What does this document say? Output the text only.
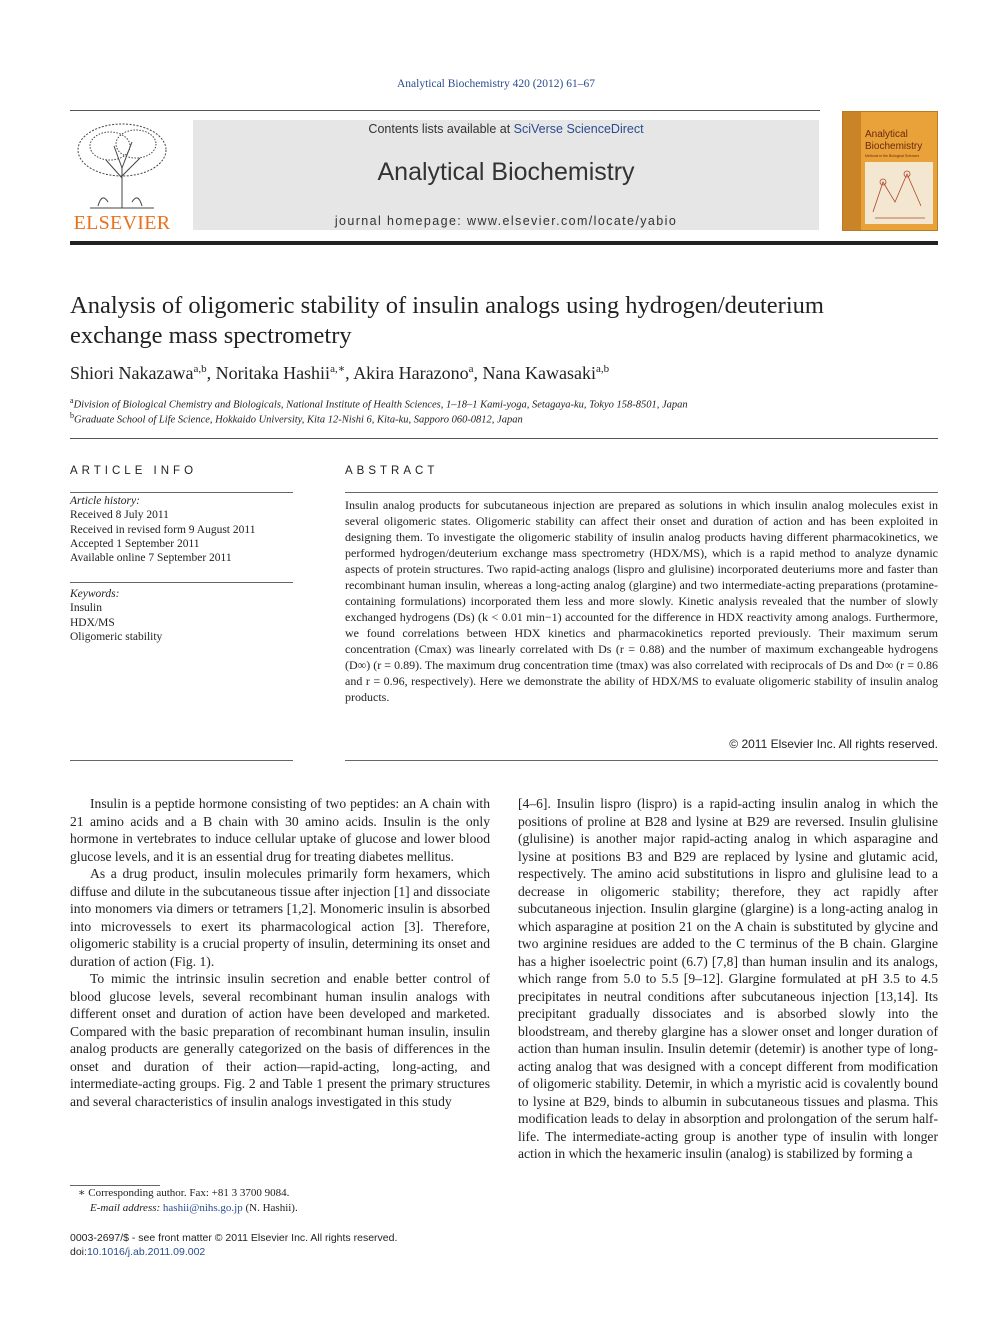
Analytical Biochemistry 420 (2012) 61–67
ELSEVIER
Contents lists available at SciVerse ScienceDirect
Analytical Biochemistry
journal homepage: www.elsevier.com/locate/yabio
Analytical
Biochemistry
Methods in the Biological Sciences
Analysis of oligomeric stability of insulin analogs using hydrogen/deuterium
exchange mass spectrometry
Shiori Nakazawa$^{a,b}$, Noritaka Hashii$^{a,∗}$, Akira Harazono$^a$, Nana Kawasaki$^{a,b}$
$^a$Division of Biological Chemistry and Biologicals, National Institute of Health Sciences, 1–18–1 Kami-yoga, Setagaya-ku, Tokyo 158-8501, Japan
$^b$Graduate School of Life Science, Hokkaido University, Kita 12-Nishi 6, Kita-ku, Sapporo 060-0812, Japan
ARTICLE INFO
Article history:
Received 8 July 2011
Received in revised form 9 August 2011
Accepted 1 September 2011
Available online 7 September 2011
Keywords:
Insulin
HDX/MS
Oligomeric stability
ABSTRACT
Insulin analog products for subcutaneous injection are prepared as solutions in which insulin analog molecules exist in several oligomeric states. Oligomeric stability can affect their onset and duration of action and has been exploited in designing them. To investigate the oligomeric stability of insulin analog products having different pharmacokinetics, we performed hydrogen/deuterium exchange mass spectrometry (HDX/MS), which is a rapid method to analyze dynamic aspects of protein structures. Two rapid-acting analogs (lispro and glulisine) incorporated deuteriums more and faster than recombinant human insulin, whereas a long-acting analog (glargine) and two intermediate-acting preparations (protamine-containing formulations) incorporated them less and more slowly. Kinetic analysis revealed that the number of slowly exchanged hydrogens (Ds) (k < 0.01 min−1) accounted for the difference in HDX reactivity among analogs. Furthermore, we found correlations between HDX kinetics and pharmacokinetics reported previously. Their maximum serum concentration (Cmax) was linearly correlated with Ds (r = 0.88) and the number of maximum exchangeable hydrogens (D∞) (r = 0.89). The maximum drug concentration time (tmax) was also correlated with reciprocals of Ds and D∞ (r = 0.86 and r = 0.96, respectively). Here we demonstrate the ability of HDX/MS to evaluate oligomeric stability of insulin analog products.
© 2011 Elsevier Inc. All rights reserved.

Insulin is a peptide hormone consisting of two peptides: an A chain with 21 amino acids and a B chain with 30 amino acids. Insulin is the only hormone in vertebrates to induce cellular uptake of glucose and lower blood glucose levels, and it is an essential drug for treating diabetes mellitus.

As a drug product, insulin molecules primarily form hexamers, which diffuse and dilute in the subcutaneous tissue after injection [1] and dissociate into monomers via dimers or tetramers [1,2]. Monomeric insulin is absorbed into microvessels to exert its pharmacological action [3]. Therefore, oligomeric stability is a crucial property of insulin, determining its onset and duration of action (Fig. 1).

To mimic the intrinsic insulin secretion and enable better control of blood glucose levels, several recombinant human insulin analogs with different onset and duration of action have been developed and marketed. Compared with the basic preparation of recombinant human insulin, insulin analog products are generally categorized on the basis of differences in the onset and duration of their action—rapid-acting, long-acting, and intermediate-acting groups. Fig. 2 and Table 1 present the primary structures and several characteristics of insulin analogs investigated in this study

[4–6]. Insulin lispro (lispro) is a rapid-acting insulin analog in which the positions of proline at B28 and lysine at B29 are reversed. Insulin glulisine (glulisine) is another major rapid-acting analog in which asparagine and lysine at positions B3 and B29 are replaced by lysine and glutamic acid, respectively. The amino acid substitutions in lispro and glulisine lead to a decrease in oligomeric stability; therefore, they act rapidly after subcutaneous injection. Insulin glargine (glargine) is a long-acting analog in which asparagine at position 21 on the A chain is substituted by glycine and two arginine residues are added to the C terminus of the B chain. Glargine has a higher isoelectric point (6.7) [7,8] than human insulin and its analogs, which range from 5.0 to 5.5 [9–12]. Glargine formulated at pH 3.5 to 4.5 precipitates in neutral conditions after subcutaneous injection [13,14]. Its precipitant gradually dissociates and is absorbed slowly into the bloodstream, and thereby glargine has a slower onset and longer duration of action than human insulin. Insulin detemir (detemir) is another type of long-acting analog that was designed with a concept different from modification of oligomeric stability. Detemir, in which a myristic acid is covalently bound to lysine at B29, binds to albumin in subcutaneous tissues and plasma. This modification leads to delay in absorption and prolongation of the serum half-life. The intermediate-acting group is another type of insulin with longer action in which the hexameric insulin (analog) is stabilized by forming a

∗ Corresponding author. Fax: +81 3 3700 9084.
E-mail address: hashii@nihs.go.jp (N. Hashii).
0003-2697/$ - see front matter © 2011 Elsevier Inc. All rights reserved.
doi:10.1016/j.ab.2011.09.002
